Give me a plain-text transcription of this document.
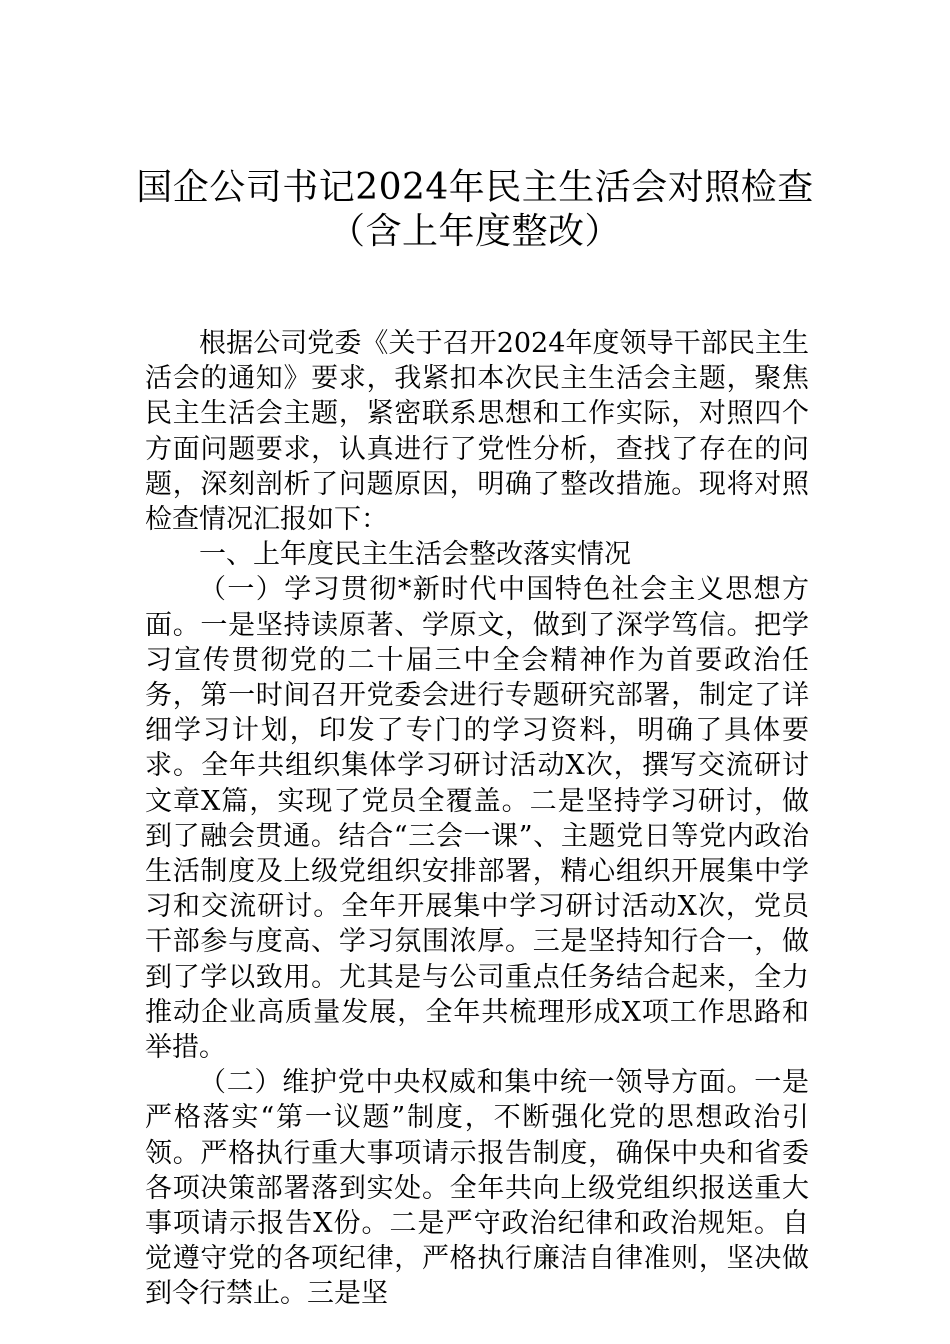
国企公司书记2024年民主生活会对照检查
（含上年度整改）

根据公司党委《关于召开2024年度领导干部民主生活会的通知》要求，我紧扣本次民主生活会主题，聚焦民主生活会主题，紧密联系思想和工作实际，对照四个方面问题要求，认真进行了党性分析，查找了存在的问题，深刻剖析了问题原因，明确了整改措施。现将对照检查情况汇报如下：

一、上年度民主生活会整改落实情况

（一）学习贯彻*新时代中国特色社会主义思想方面。一是坚持读原著、学原文，做到了深学笃信。把学习宣传贯彻党的二十届三中全会精神作为首要政治任务，第一时间召开党委会进行专题研究部署，制定了详细学习计划，印发了专门的学习资料，明确了具体要求。全年共组织集体学习研讨活动X次，撰写交流研讨文章X篇，实现了党员全覆盖。二是坚持学习研讨，做到了融会贯通。结合“三会一课”、主题党日等党内政治生活制度及上级党组织安排部署，精心组织开展集中学习和交流研讨。全年开展集中学习研讨活动X次，党员干部参与度高、学习氛围浓厚。三是坚持知行合一，做到了学以致用。尤其是与公司重点任务结合起来，全力推动企业高质量发展，全年共梳理形成X项工作思路和举措。

（二）维护党中央权威和集中统一领导方面。一是严格落实“第一议题”制度，不断强化党的思想政治引领。严格执行重大事项请示报告制度，确保中央和省委各项决策部署落到实处。全年共向上级党组织报送重大事项请示报告X份。二是严守政治纪律和政治规矩。自觉遵守党的各项纪律，严格执行廉洁自律准则，坚决做到令行禁止。三是坚
